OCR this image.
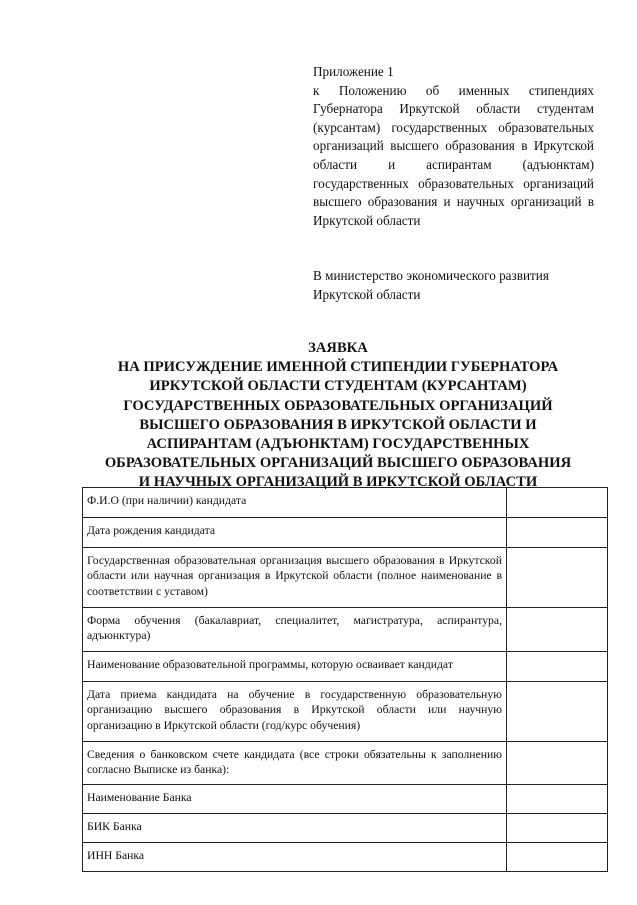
Приложение 1
к Положению об именных стипендиях Губернатора Иркутской области студентам (курсантам) государственных образовательных организаций высшего образования в Иркутской области и аспирантам (адъюнктам) государственных образовательных организаций высшего образования и научных организаций в Иркутской области
В министерство экономического развития Иркутской области
ЗАЯВКА
НА ПРИСУЖДЕНИЕ ИМЕННОЙ СТИПЕНДИИ ГУБЕРНАТОРА
ИРКУТСКОЙ ОБЛАСТИ СТУДЕНТАМ (КУРСАНТАМ)
ГОСУДАРСТВЕННЫХ ОБРАЗОВАТЕЛЬНЫХ ОРГАНИЗАЦИЙ
ВЫСШЕГО ОБРАЗОВАНИЯ В ИРКУТСКОЙ ОБЛАСТИ И
АСПИРАНТАМ (АДЪЮНКТАМ) ГОСУДАРСТВЕННЫХ
ОБРАЗОВАТЕЛЬНЫХ ОРГАНИЗАЦИЙ ВЫСШЕГО ОБРАЗОВАНИЯ
И НАУЧНЫХ ОРГАНИЗАЦИЙ В ИРКУТСКОЙ ОБЛАСТИ
Ф.И.О (при наличии) кандидата	
Дата рождения кандидата	
Государственная образовательная организация высшего образования в Иркутской области или научная организация в Иркутской области (полное наименование в соответствии с уставом)	
Форма обучения (бакалавриат, специалитет, магистратура, аспирантура, адъюнктура)	
Наименование образовательной программы, которую осваивает кандидат	
Дата приема кандидата на обучение в государственную образовательную организацию высшего образования в Иркутской области или научную организацию в Иркутской области (год/курс обучения)	
Сведения о банковском счете кандидата (все строки обязательны к заполнению согласно Выписке из банка):	
Наименование Банка	
БИК Банка	
ИНН Банка	
